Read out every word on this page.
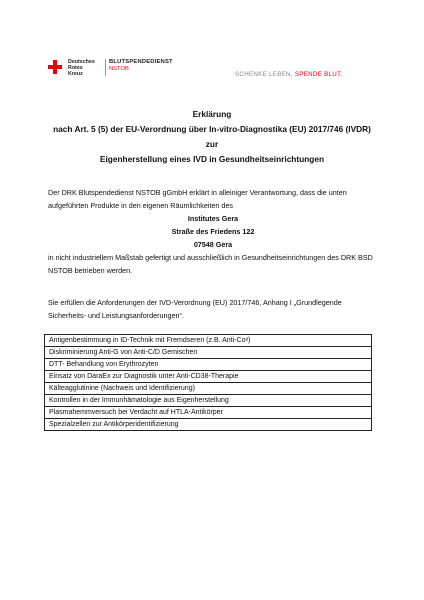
Deutsches
Rotes
Kreuz
BLUTSPENDEDIENST
NSTOB
SCHENKE LEBEN, SPENDE BLUT.
Erklärung
nach Art. 5 (5) der EU-Verordnung über In-vitro-Diagnostika (EU) 2017/746 (IVDR)
zur
Eigenherstellung eines IVD in Gesundheitseinrichtungen
Der DRK Blutspendedienst NSTOB gGmbH erklärt in alleiniger Verantwortung, dass die unten aufgeführten Produkte in den eigenen Räumlichkeiten des
Institutes Gera
Straße des Friedens 122
07548 Gera
in nicht industriellem Maßstab gefertigt und ausschließlich in Gesundheitseinrichtungen des DRK BSD NSTOB betrieben werden.
Sie erfüllen die Anforderungen der IVD-Verordnung (EU) 2017/746, Anhang I „Grundlegende Sicherheits- und Leistungsanforderungen“.
Antigenbestimmung in ID-Technik mit Fremdseren (z.B. Anti-Coᵃ)
Diskriminierung Anti-G von Anti-C/D Gemischen
DTT- Behandlung von Erythrozyten
Einsatz von DaraEx zur Diagnostik unter Anti-CD38-Therapie
Kälteagglutinine (Nachweis und Identifizierung)
Kontrollen in der Immunhämatologie aus Eigenherstellung
Plasmahemmversuch bei Verdacht auf HTLA-Antikörper
Spezialzellen zur Antikörperidentifizierung
